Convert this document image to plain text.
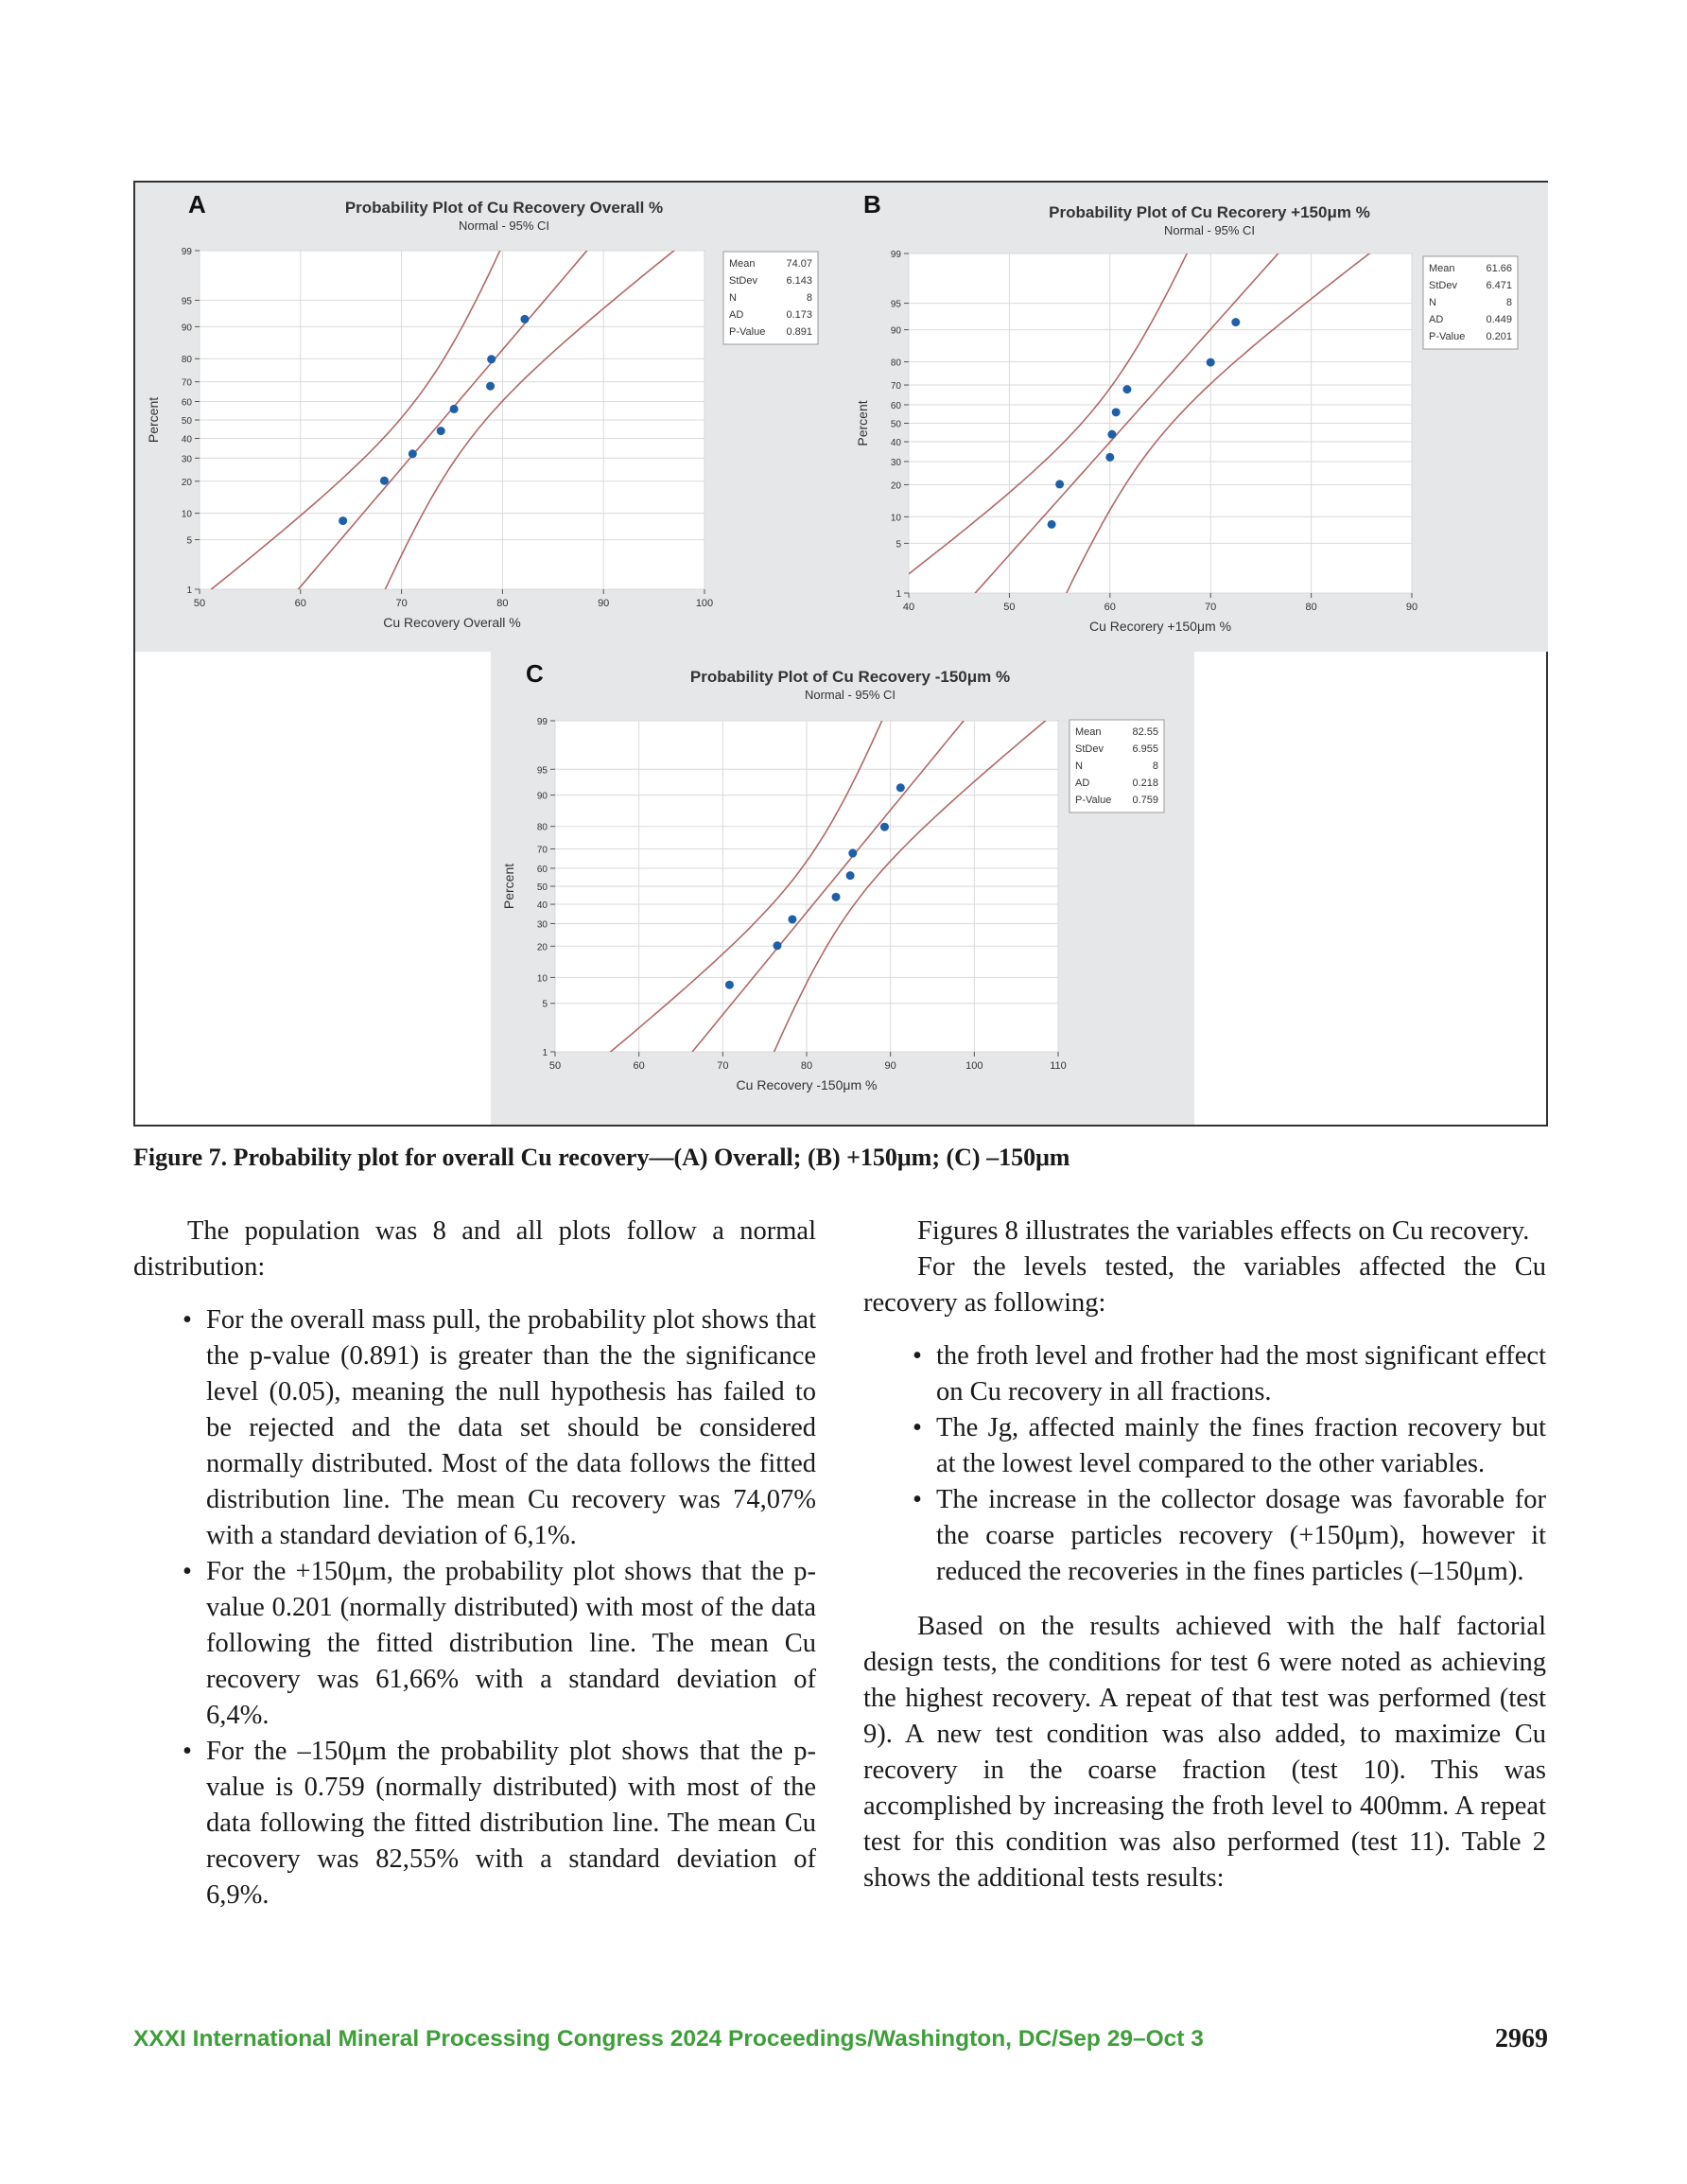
1
5
10
20
30
40
50
60
70
80
90
95
99
50	60	70	80	90	100
A	Probability Plot of Cu Recovery Overall %
Normal - 95% CI
Cu Recovery Overall %
Percent
Mean	74.07
StDev	6.143
N	8
AD	0.173
P-Value 0.891
1
5
10
20
30
40
50
60
70
80
90
95
99
40	50	60	70	80	90
B	Probability Plot of Cu Recorery +150μm %
Normal - 95% CI
Cu Recorery +150μm %
Percent
Mean	61.66
StDev	6.471
N	8
AD	0.449
P-Value 0.201
1
5
10
20
30
40
50
60
70
80
90
95
99
50	60	70	80	90	100	110
C	Probability Plot of Cu Recovery -150μm %
Normal - 95% CI
Cu Recovery -150μm %
Percent
Mean	82.55
StDev	6.955
N	8
AD	0.218
P-Value 0.759
Figure 7. Probability plot for overall Cu recovery—(A) Overall; (B) +150μm; (C) –150μm

The population was 8 and all plots follow a normal distribution:

• For the overall mass pull, the probability plot shows that the p-value (0.891) is greater than the the significance level (0.05), meaning the null hypothesis has failed to be rejected and the data set should be considered normally distributed. Most of the data follows the fitted distribution line. The mean Cu recovery was 74,07% with a standard deviation of 6,1%.
• For the +150μm, the probability plot shows that the p-value 0.201 (normally distributed) with most of the data following the fitted distribution line. The mean Cu recovery was 61,66% with a standard deviation of 6,4%.
• For the –150μm the probability plot shows that the p-value is 0.759 (normally distributed) with most of the data following the fitted distribution line. The mean Cu recovery was 82,55% with a standard deviation of 6,9%.

Figures 8 illustrates the variables effects on Cu recovery.

For the levels tested, the variables affected the Cu recovery as following:

• the froth level and frother had the most significant effect on Cu recovery in all fractions.
• The Jg, affected mainly the fines fraction recovery but at the lowest level compared to the other variables.
• The increase in the collector dosage was favorable for the coarse particles recovery (+150μm), however it reduced the recoveries in the fines particles (–150μm).

Based on the results achieved with the half factorial design tests, the conditions for test 6 were noted as achieving the highest recovery. A repeat of that test was performed (test 9). A new test condition was also added, to maximize Cu recovery in the coarse fraction (test 10). This was accomplished by increasing the froth level to 400mm. A repeat test for this condition was also performed (test 11). Table 2 shows the additional tests results:

XXXI International Mineral Processing Congress 2024 Proceedings/Washington, DC/Sep 29–Oct 3	2969
